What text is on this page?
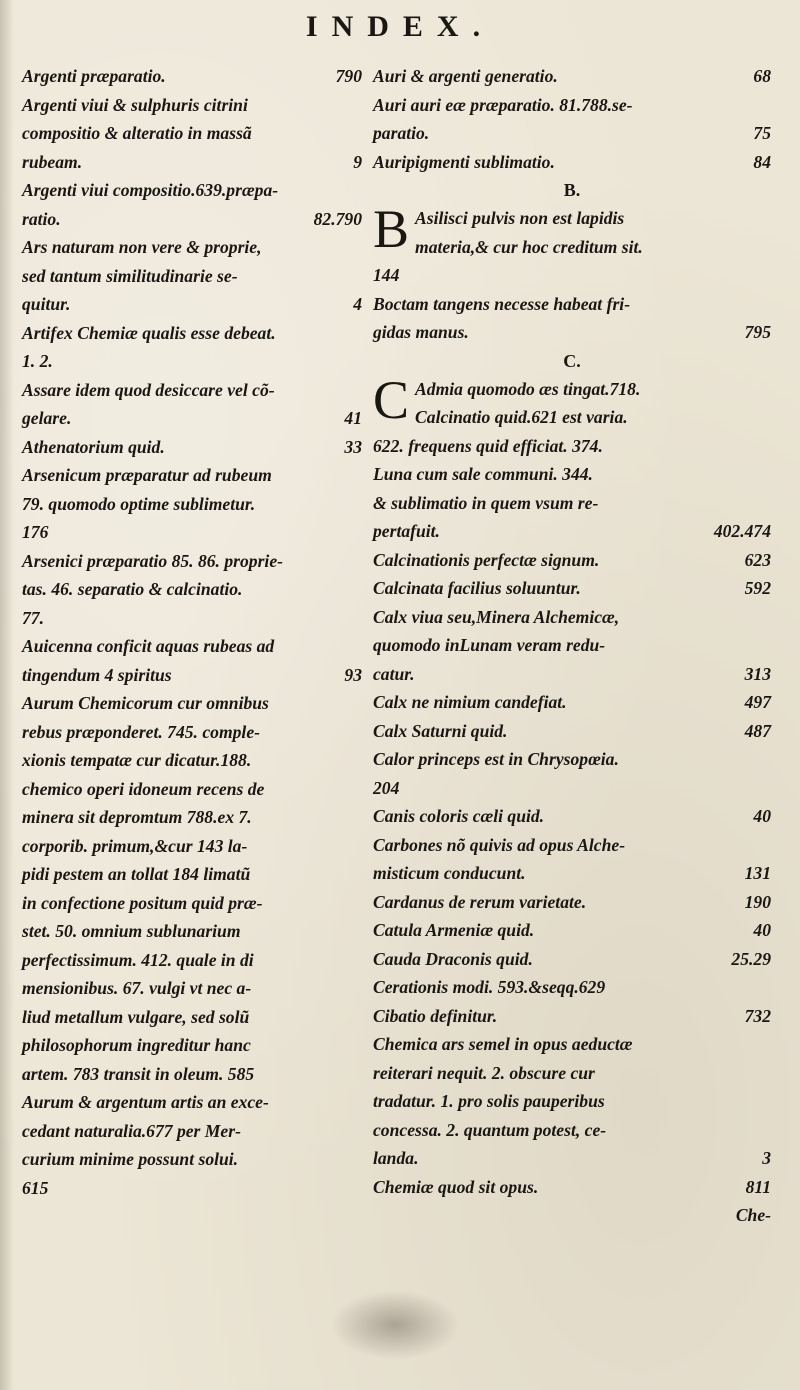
INDEX.
Argenti præparatio.	790
Argenti viui & sulphuris citrini
compositio & alteratio in massã
rubeam.	9
Argenti viui compositio.639.præpa-
ratio.	82.790
Ars naturam non vere & proprie,
sed tantum similitudinarie se-
quitur.	4
Artifex Chemiæ qualis esse debeat.
1. 2.
Assare idem quod desiccare vel cõ-
gelare.	41
Athenatorium quid.	33
Arsenicum præparatur ad rubeum
79. quomodo optime sublimetur.
176
Arsenici præparatio 85. 86. proprie-
tas. 46. separatio & calcinatio.
77.
Auicenna conficit aquas rubeas ad
tingendum 4 spiritus	93
Aurum Chemicorum cur omnibus
rebus præponderet. 745. comple-
xionis tempatæ cur dicatur.188.
chemico operi idoneum recens de
minera sit depromtum 788.ex 7.
corporib. primum,&cur 143 la-
pidi pestem an tollat 184 limatũ
in confectione positum quid præ-
stet. 50. omnium sublunarium
perfectissimum. 412. quale in di
mensionibus. 67. vulgi vt nec a-
liud metallum vulgare, sed solũ
philosophorum ingreditur hanc
artem. 783 transit in oleum. 585
Aurum & argentum artis an exce-
cedant naturalia.677 per Mer-
curium minime possunt solui.
615
Auri & argenti generatio.	68
Auri auri eæ præparatio. 81.788.se-
paratio.	75
Auripigmenti sublimatio.	84
B.
B Asilisci pulvis non est lapidis
materia,& cur hoc creditum sit.
144
Boctam tangens necesse habeat fri-
gidas manus.	795
C.
C Admia quomodo æs tingat.718.
Calcinatio quid.621 est varia.
622. frequens quid efficiat. 374.
Luna cum sale communi. 344.
& sublimatio in quem vsum re-
pertafuit.	402.474
Calcinationis perfectæ signum.	623
Calcinata facilius soluuntur.	592
Calx viua seu,Minera Alchemicæ,
quomodo inLunam veram redu-
catur.	313
Calx ne nimium candefiat.	497
Calx Saturni quid.	487
Calor princeps est in Chrysopœia.
204
Canis coloris cæli quid.	40
Carbones nõ quivis ad opus Alche-
misticum conducunt.	131
Cardanus de rerum varietate.	190
Catula Armeniæ quid.	40
Cauda Draconis quid.	25.29
Cerationis modi. 593.&seqq.629
Cibatio definitur.	732
Chemica ars semel in opus aeductæ
reiterari nequit. 2. obscure cur
tradatur. 1. pro solis pauperibus
concessa. 2. quantum potest, ce-
landa.	3
Chemiæ quod sit opus.	811
Che-
